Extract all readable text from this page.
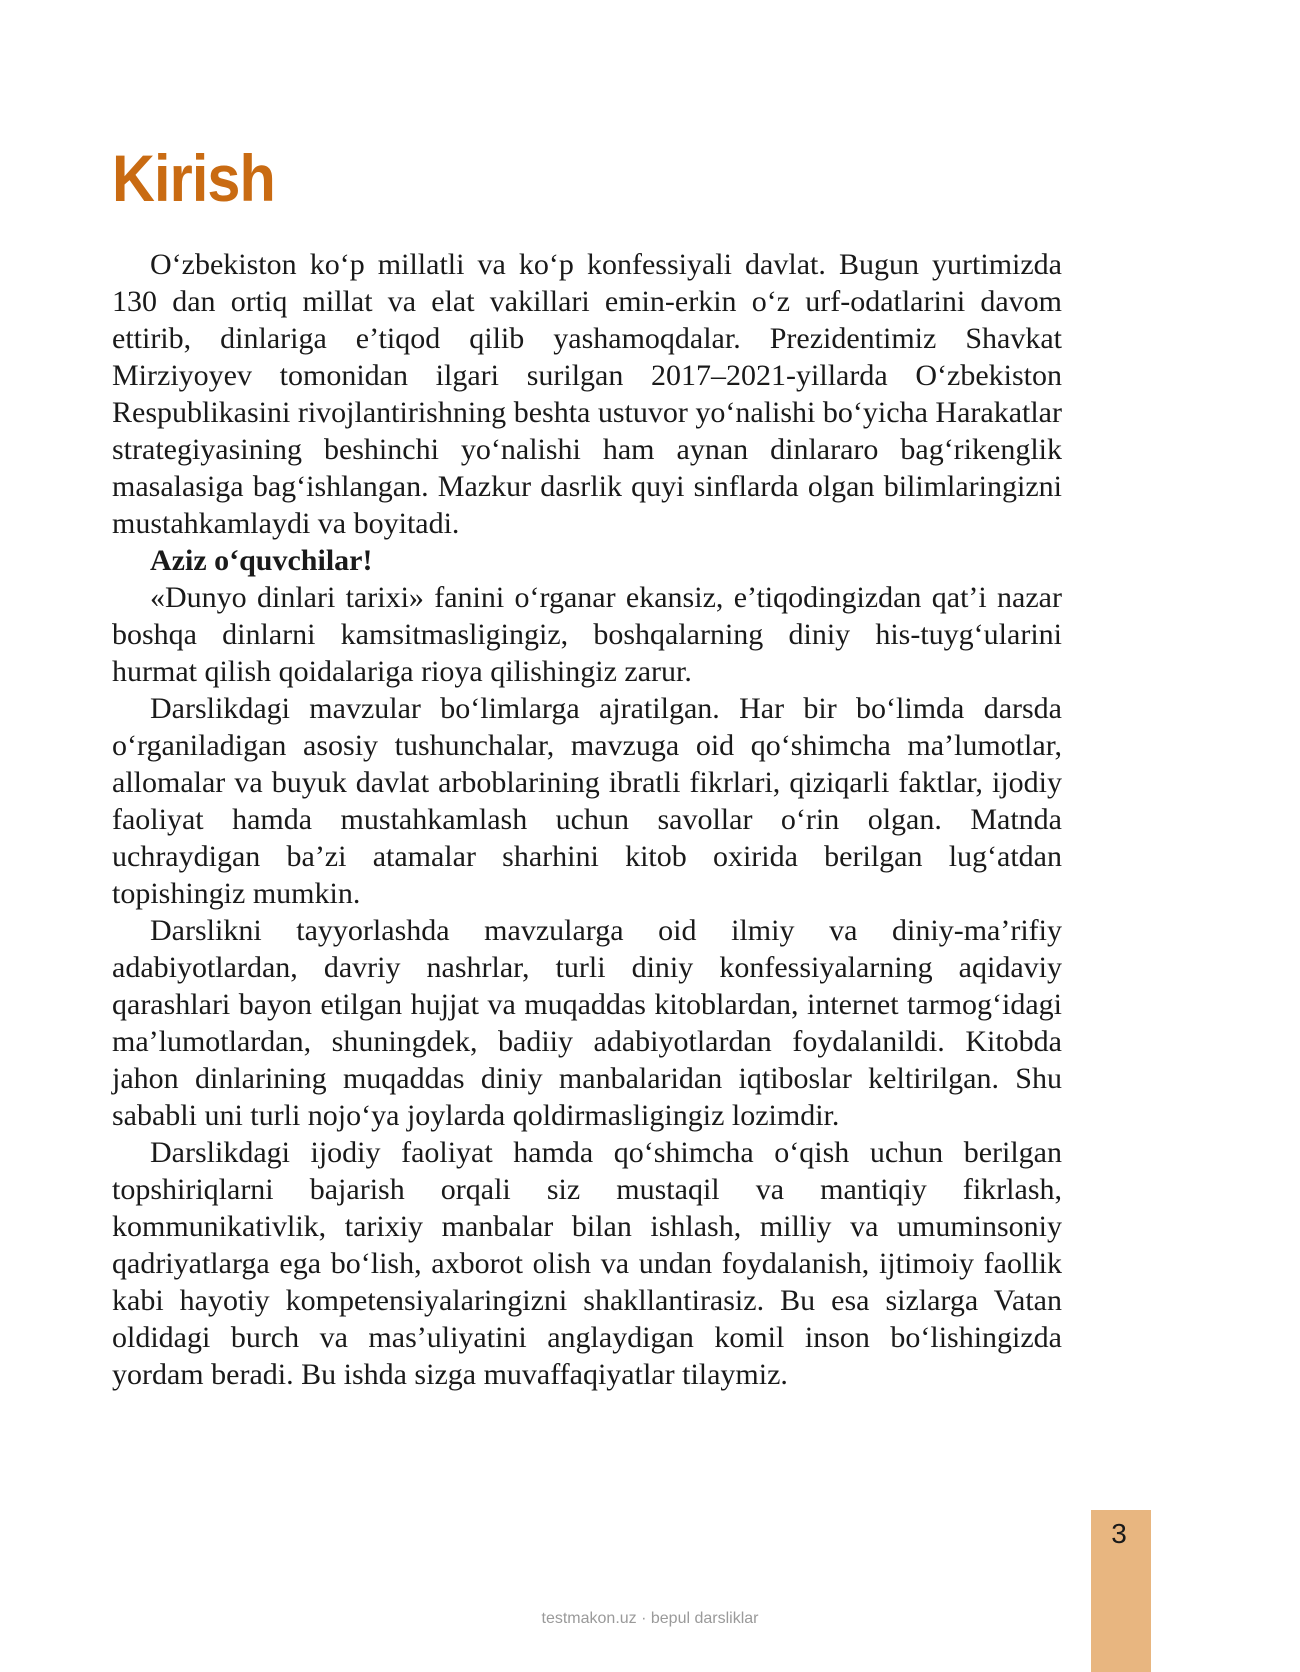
Kirish

O‘zbekiston ko‘p millatli va ko‘p konfessiyali davlat. Bugun yurtimizda 130 dan ortiq millat va elat vakillari emin-erkin o‘z urf-odatlarini davom ettirib, dinlariga e’tiqod qilib yashamoqdalar. Prezidentimiz Shavkat Mirziyoyev tomonidan ilgari surilgan 2017–2021-yillarda O‘zbekiston Respublikasini rivojlantirishning beshta ustuvor yo‘nalishi bo‘yicha Harakatlar strategiyasining beshinchi yo‘nalishi ham aynan dinlararo bag‘rikenglik masalasiga bag‘ishlangan. Mazkur dasrlik quyi sinflarda olgan bilimlaringizni mustahkamlaydi va boyitadi.

Aziz o‘quvchilar!

«Dunyo dinlari tarixi» fanini o‘rganar ekansiz, e’tiqodingizdan qat’i nazar boshqa dinlarni kamsitmasligingiz, boshqalarning diniy his-tuyg‘ularini hurmat qilish qoidalariga rioya qilishingiz zarur.

Darslikdagi mavzular bo‘limlarga ajratilgan. Har bir bo‘limda darsda o‘rganiladigan asosiy tushunchalar, mavzuga oid qo‘shimcha ma’lumotlar, allomalar va buyuk davlat arboblarining ibratli fikrlari, qiziqarli faktlar, ijodiy faoliyat hamda mustahkamlash uchun savollar o‘rin olgan. Matnda uchraydigan ba’zi atamalar sharhini kitob oxirida berilgan lug‘atdan topishingiz mumkin.

Darslikni tayyorlashda mavzularga oid ilmiy va diniy-ma’rifiy adabiyotlardan, davriy nashrlar, turli diniy konfessiyalarning aqidaviy qarashlari bayon etilgan hujjat va muqaddas kitoblardan, internet tarmog‘idagi ma’lumotlardan, shuningdek, badiiy adabiyotlardan foydalanildi. Kitobda jahon dinlarining muqaddas diniy manbalaridan iqtiboslar keltirilgan. Shu sababli uni turli nojo‘ya joylarda qoldirmasligingiz lozimdir.

Darslikdagi ijodiy faoliyat hamda qo‘shimcha o‘qish uchun berilgan topshiriqlarni bajarish orqali siz mustaqil va mantiqiy fikrlash, kommunikativlik, tarixiy manbalar bilan ishlash, milliy va umuminsoniy qadriyatlarga ega bo‘lish, axborot olish va undan foydalanish, ijtimoiy faollik kabi hayotiy kompetensiyalaringizni shakllantirasiz. Bu esa sizlarga Vatan oldidagi burch va mas’uliyatini anglaydigan komil inson bo‘lishingizda yordam beradi. Bu ishda sizga muvaffaqiyatlar tilaymiz.

3
testmakon.uz · bepul darsliklar
